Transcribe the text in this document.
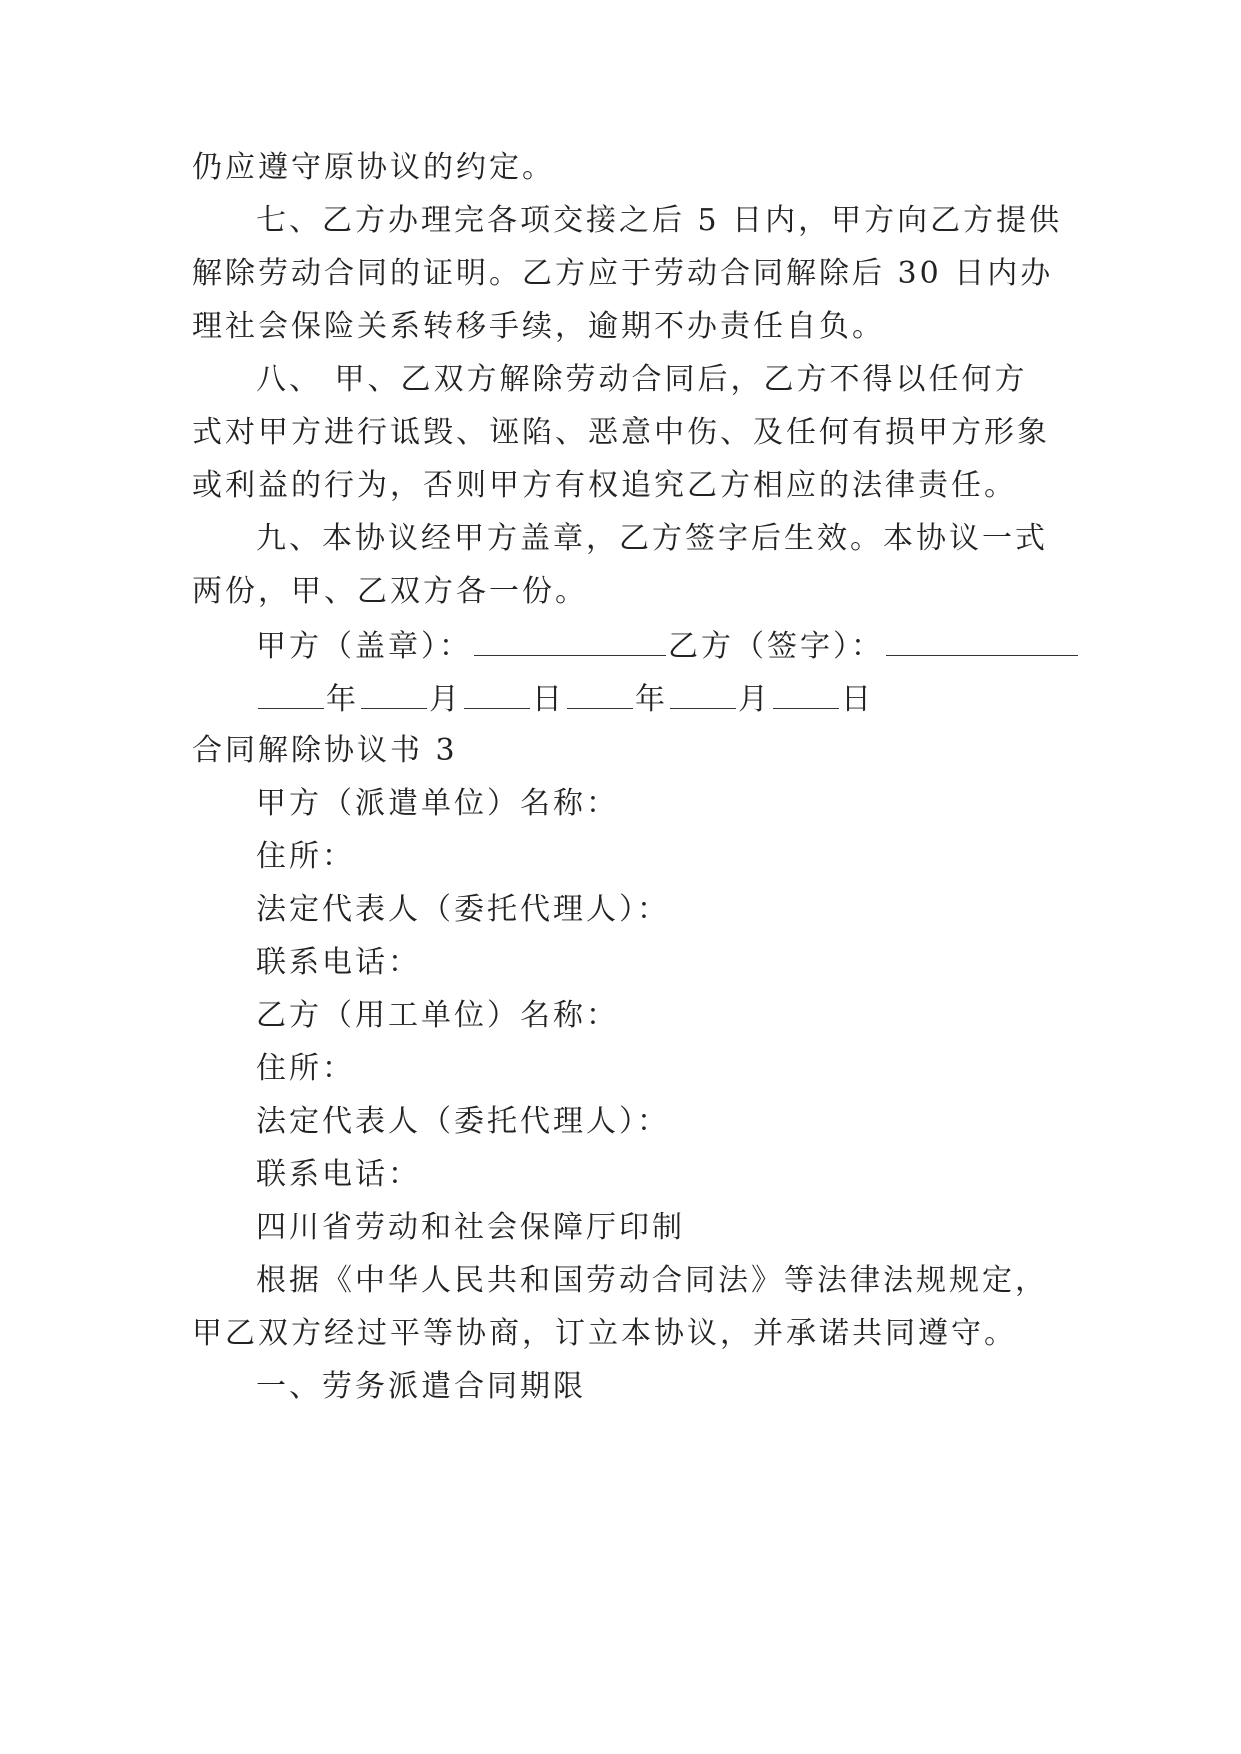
仍应遵守原协议的约定。
七、乙方办理完各项交接之后 5 日内，甲方向乙方提供
解除劳动合同的证明。乙方应于劳动合同解除后 30 日内办
理社会保险关系转移手续，逾期不办责任自负。
八、 甲、乙双方解除劳动合同后，乙方不得以任何方
式对甲方进行诋毁、诬陷、恶意中伤、及任何有损甲方形象
或利益的行为，否则甲方有权追究乙方相应的法律责任。
九、本协议经甲方盖章，乙方签字后生效。本协议一式
两份，甲、乙双方各一份。
甲方（盖章）：	乙方（签字）：
年 月 日 年 月 日
合同解除协议书 3
甲方（派遣单位）名称：
住所：
法定代表人（委托代理人）：
联系电话：
乙方（用工单位）名称：
住所：
法定代表人（委托代理人）：
联系电话：
四川省劳动和社会保障厅印制
根据《中华人民共和国劳动合同法》等法律法规规定，
甲乙双方经过平等协商，订立本协议，并承诺共同遵守。
一、劳务派遣合同期限
